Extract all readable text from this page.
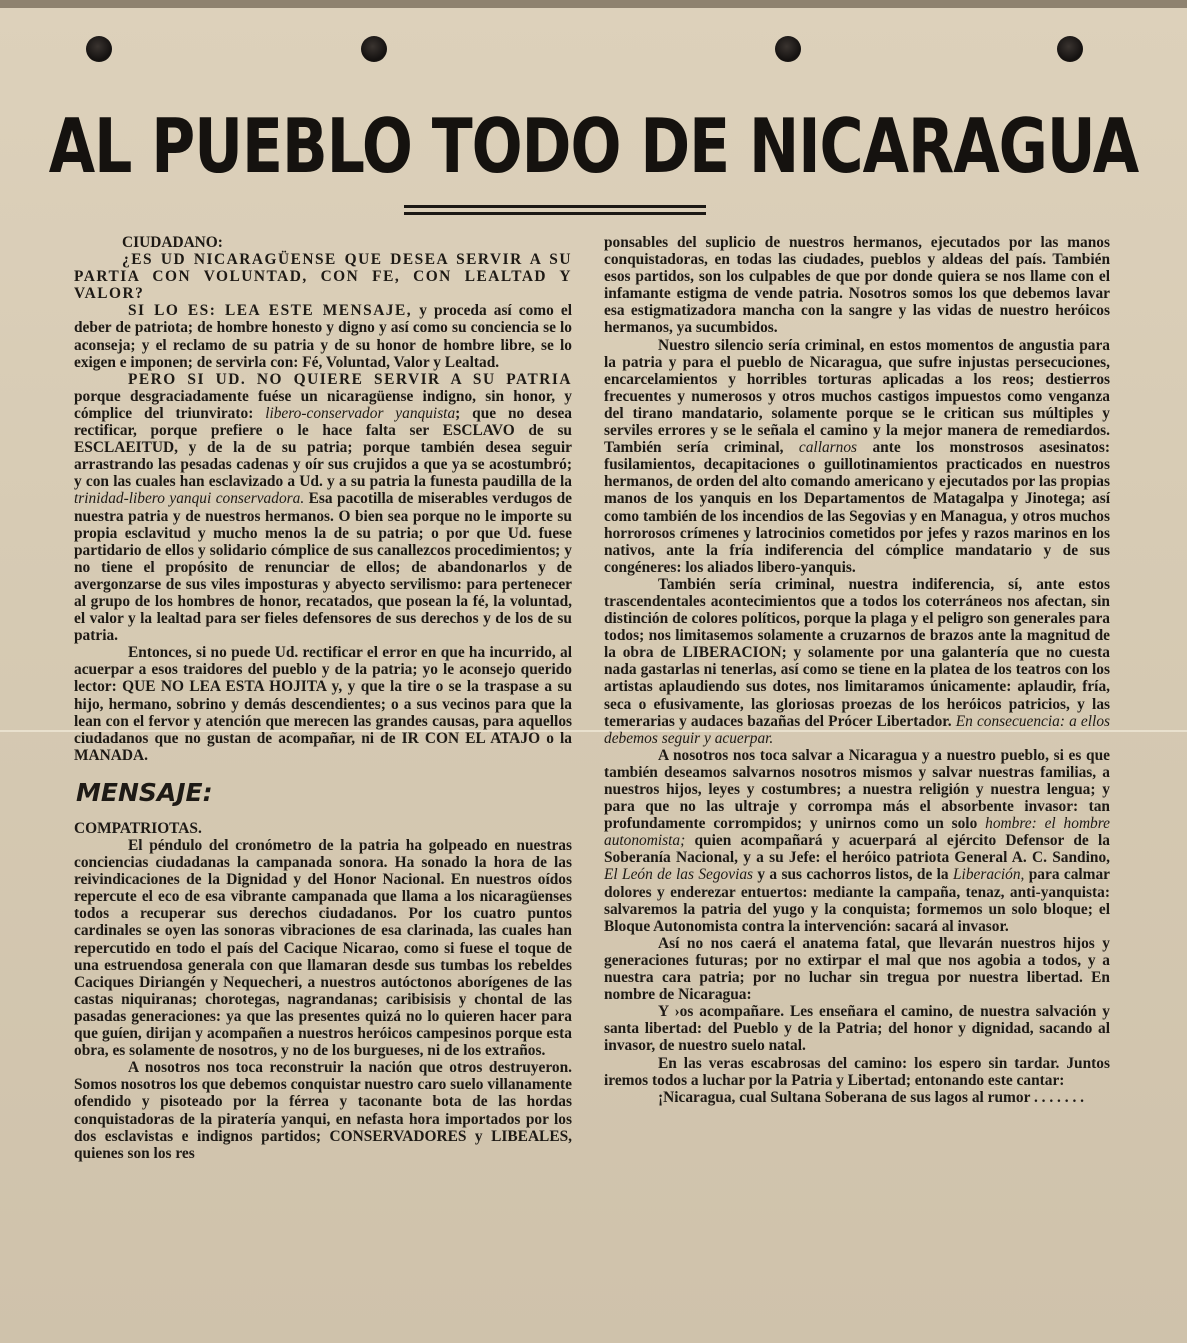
AL PUEBLO TODO DE NICARAGUA

CIUDADANO:

¿ES UD NICARAGÜENSE QUE DESEA SERVIR A SU PARTIA CON VOLUNTAD, CON FE, CON LEALTAD Y VALOR?

SI LO ES: LEA ESTE MENSAJE, y proceda así como el deber de patriota; de hombre honesto y digno y así como su conciencia se lo aconseja; y el reclamo de su patria y de su honor de hombre libre, se lo exigen e imponen; de servirla con: Fé, Voluntad, Valor y Lealtad.

PERO SI UD. NO QUIERE SERVIR A SU PATRIA porque desgraciadamente fuése un nicaragüense indigno, sin honor, y cómplice del triunvirato: libero-conservador yanquista; que no desea rectificar, porque prefiere o le hace falta ser ESCLAVO de su ESCLAEITUD, y de la de su patria; porque también desea seguir arrastrando las pesadas cadenas y oír sus crujidos a que ya se acostumbró; y con las cuales han esclavizado a Ud. y a su patria la funesta paudilla de la trinidad-libero yanqui conservadora. Esa pacotilla de miserables verdugos de nuestra patria y de nuestros hermanos. O bien sea porque no le importe su propia esclavitud y mucho menos la de su patria; o por que Ud. fuese partidario de ellos y solidario cómplice de sus canallezcos procedimientos; y no tiene el propósito de renunciar de ellos; de abandonarlos y de avergonzarse de sus viles imposturas y abyecto servilismo: para pertenecer al grupo de los hombres de honor, recatados, que posean la fé, la voluntad, el valor y la lealtad para ser fieles defensores de sus derechos y de los de su patria.

Entonces, si no puede Ud. rectificar el error en que ha incurrido, al acuerpar a esos traidores del pueblo y de la patria; yo le aconsejo querido lector: QUE NO LEA ESTA HOJITA y, y que la tire o se la traspase a su hijo, hermano, sobrino y demás descendientes; o a sus vecinos para que la lean con el fervor y atención que merecen las grandes causas, para aquellos ciudadanos que no gustan de acompañar, ni de IR CON EL ATAJO o la MANADA.

MENSAJE:

COMPATRIOTAS.

El péndulo del cronómetro de la patria ha golpeado en nuestras conciencias ciudadanas la campanada sonora. Ha sonado la hora de las reivindicaciones de la Dignidad y del Honor Nacional. En nuestros oídos repercute el eco de esa vibrante campanada que llama a los nicaragüenses todos a recuperar sus derechos ciudadanos. Por los cuatro puntos cardinales se oyen las sonoras vibraciones de esa clarinada, las cuales han repercutido en todo el país del Cacique Nicarao, como si fuese el toque de una estruendosa generala con que llamaran desde sus tumbas los rebeldes Caciques Diriangén y Nequecheri, a nuestros autóctonos aborígenes de las castas niquiranas; chorotegas, nagrandanas; caribisisis y chontal de las pasadas generaciones: ya que las presentes quizá no lo quieren hacer para que guíen, dirijan y acompañen a nuestros heróicos campesinos porque esta obra, es solamente de nosotros, y no de los burgueses, ni de los extraños.

A nosotros nos toca reconstruir la nación que otros destruyeron. Somos nosotros los que debemos conquistar nuestro caro suelo villanamente ofendido y pisoteado por la férrea y taconante bota de las hordas conquistadoras de la piratería yanqui, en nefasta hora importados por los dos esclavistas e indignos partidos; CONSERVADORES y LIBEALES, quienes son los res

ponsables del suplicio de nuestros hermanos, ejecutados por las manos conquistadoras, en todas las ciudades, pueblos y aldeas del país. También esos partidos, son los culpables de que por donde quiera se nos llame con el infamante estigma de vende patria. Nosotros somos los que debemos lavar esa estigmatizadora mancha con la sangre y las vidas de nuestro heróicos hermanos, ya sucumbidos.

Nuestro silencio sería criminal, en estos momentos de angustia para la patria y para el pueblo de Nicaragua, que sufre injustas persecuciones, encarcelamientos y horribles torturas aplicadas a los reos; destierros frecuentes y numerosos y otros muchos castigos impuestos como venganza del tirano mandatario, solamente porque se le critican sus múltiples y serviles errores y se le señala el camino y la mejor manera de remediardos. También sería criminal, callarnos ante los monstrosos asesinatos: fusilamientos, decapitaciones o guillotinamientos practicados en nuestros hermanos, de orden del alto comando americano y ejecutados por las propias manos de los yanquis en los Departamentos de Matagalpa y Jinotega; así como también de los incendios de las Segovias y en Managua, y otros muchos horrorosos crímenes y latrocinios cometidos por jefes y razos marinos en los nativos, ante la fría indiferencia del cómplice mandatario y de sus congéneres: los aliados libero-yanquis.

También sería criminal, nuestra indiferencia, sí, ante estos trascendentales acontecimientos que a todos los coterráneos nos afectan, sin distinción de colores políticos, porque la plaga y el peligro son generales para todos; nos limitasemos solamente a cruzarnos de brazos ante la magnitud de la obra de LIBERACION; y solamente por una galantería que no cuesta nada gastarlas ni tenerlas, así como se tiene en la platea de los teatros con los artistas aplaudiendo sus dotes, nos limitaramos únicamente: aplaudir, fría, seca o efusivamente, las gloriosas proezas de los heróicos patricios, y las temerarias y audaces bazañas del Prócer Libertador. En consecuencia: a ellos debemos seguir y acuerpar.

A nosotros nos toca salvar a Nicaragua y a nuestro pueblo, si es que también deseamos salvarnos nosotros mismos y salvar nuestras familias, a nuestros hijos, leyes y costumbres; a nuestra religión y nuestra lengua; y para que no las ultraje y corrompa más el absorbente invasor: tan profundamente corrompidos; y unirnos como un solo hombre: el hombre autonomista; quien acompañará y acuerpará al ejército Defensor de la Soberanía Nacional, y a su Jefe: el heróico patriota General A. C. Sandino, El León de las Segovias y a sus cachorros listos, de la Liberación, para calmar dolores y enderezar entuertos: mediante la campaña, tenaz, anti-yanquista: salvaremos la patria del yugo y la conquista; formemos un solo bloque; el Bloque Autonomista contra la intervención: sacará al invasor.

Así no nos caerá el anatema fatal, que llevarán nuestros hijos y generaciones futuras; por no extirpar el mal que nos agobia a todos, y a nuestra cara patria; por no luchar sin tregua por nuestra libertad. En nombre de Nicaragua:

Y ›os acompañare. Les enseñara el camino, de nuestra salvación y santa libertad: del Pueblo y de la Patria; del honor y dignidad, sacando al invasor, de nuestro suelo natal.

En las veras escabrosas del camino: los espero sin tardar. Juntos iremos todos a luchar por la Patria y Libertad; entonando este cantar:

¡Nicaragua, cual Sultana Soberana de sus lagos al rumor . . . . . . .
